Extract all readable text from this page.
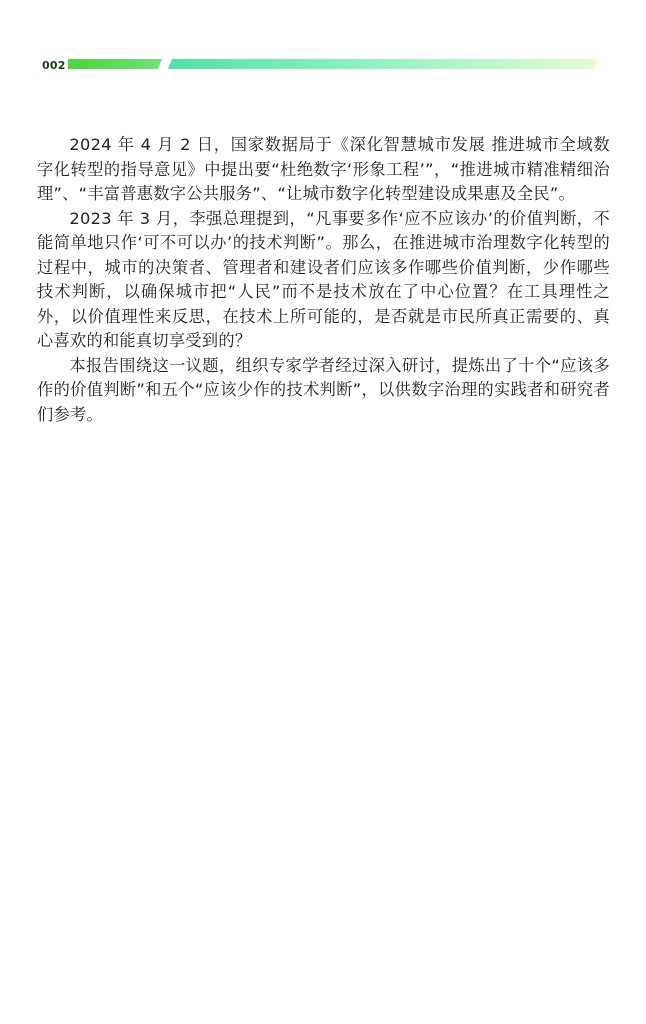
002

2024 年 4 月 2 日，国家数据局于《深化智慧城市发展 推进城市全域数字化转型的指导意见》中提出要“杜绝数字‘形象工程’”，“推进城市精准精细治理”、“丰富普惠数字公共服务”、“让城市数字化转型建设成果惠及全民”。

2023 年 3 月，李强总理提到，“凡事要多作‘应不应该办’的价值判断，不能简单地只作‘可不可以办’的技术判断”。那么，在推进城市治理数字化转型的过程中，城市的决策者、管理者和建设者们应该多作哪些价值判断，少作哪些技术判断，以确保城市把“人民”而不是技术放在了中心位置？在工具理性之外，以价值理性来反思，在技术上所可能的，是否就是市民所真正需要的、真心喜欢的和能真切享受到的？

本报告围绕这一议题，组织专家学者经过深入研讨，提炼出了十个“应该多作的价值判断”和五个“应该少作的技术判断”，以供数字治理的实践者和研究者们参考。
